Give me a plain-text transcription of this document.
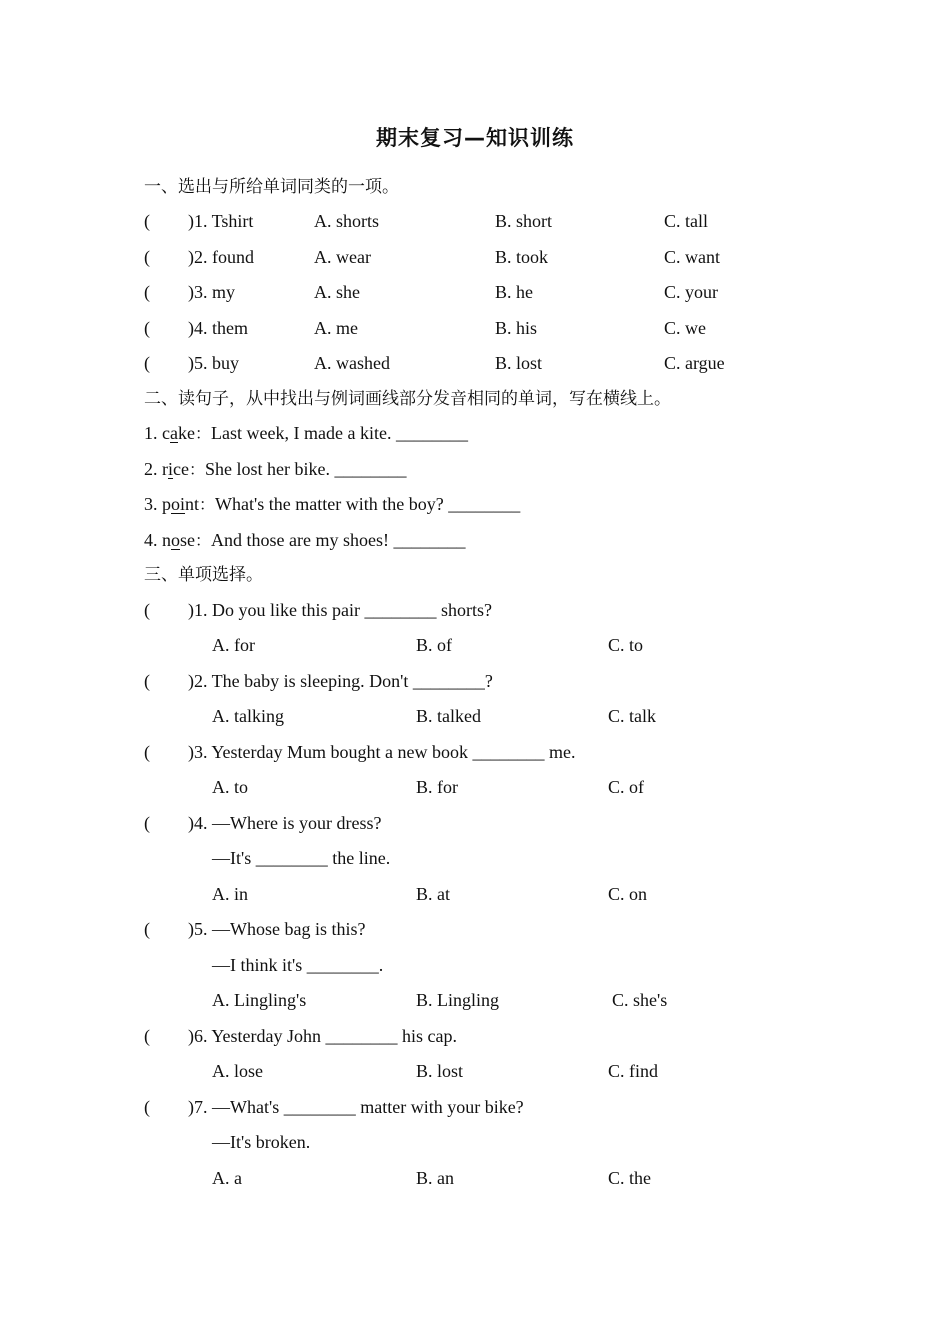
期末复习—知识训练
一、选出与所给单词同类的一项。
( )1. Tshirt	A. shorts	B. short	C. tall
( )2. found	A. wear	B. took	C. want
( )3. my	A. she	B. he	C. your
( )4. them	A. me	B. his	C. we
( )5. buy	A. washed	B. lost	C. argue
二、读句子，从中找出与例词画线部分发音相同的单词，写在横线上。
1. cake：Last week, I made a kite. ________
2. rice：She lost her bike. ________
3. point：What's the matter with the boy? ________
4. nose：And those are my shoes! ________
三、单项选择。
( )1. Do you like this pair ________ shorts?
A. for	B. of	C. to
( )2. The baby is sleeping. Don't ________?
A. talking	B. talked	C. talk
( )3. Yesterday Mum bought a new book ________ me.
A. to	B. for	C. of
( )4. —Where is your dress?
—It's ________ the line.
A. in	B. at	C. on
( )5. —Whose bag is this?
—I think it's ________.
A. Lingling's	B. Lingling	C. she's
( )6. Yesterday John ________ his cap.
A. lose	B. lost	C. find
( )7. —What's ________ matter with your bike?
—It's broken.
A. a	B. an	C. the
